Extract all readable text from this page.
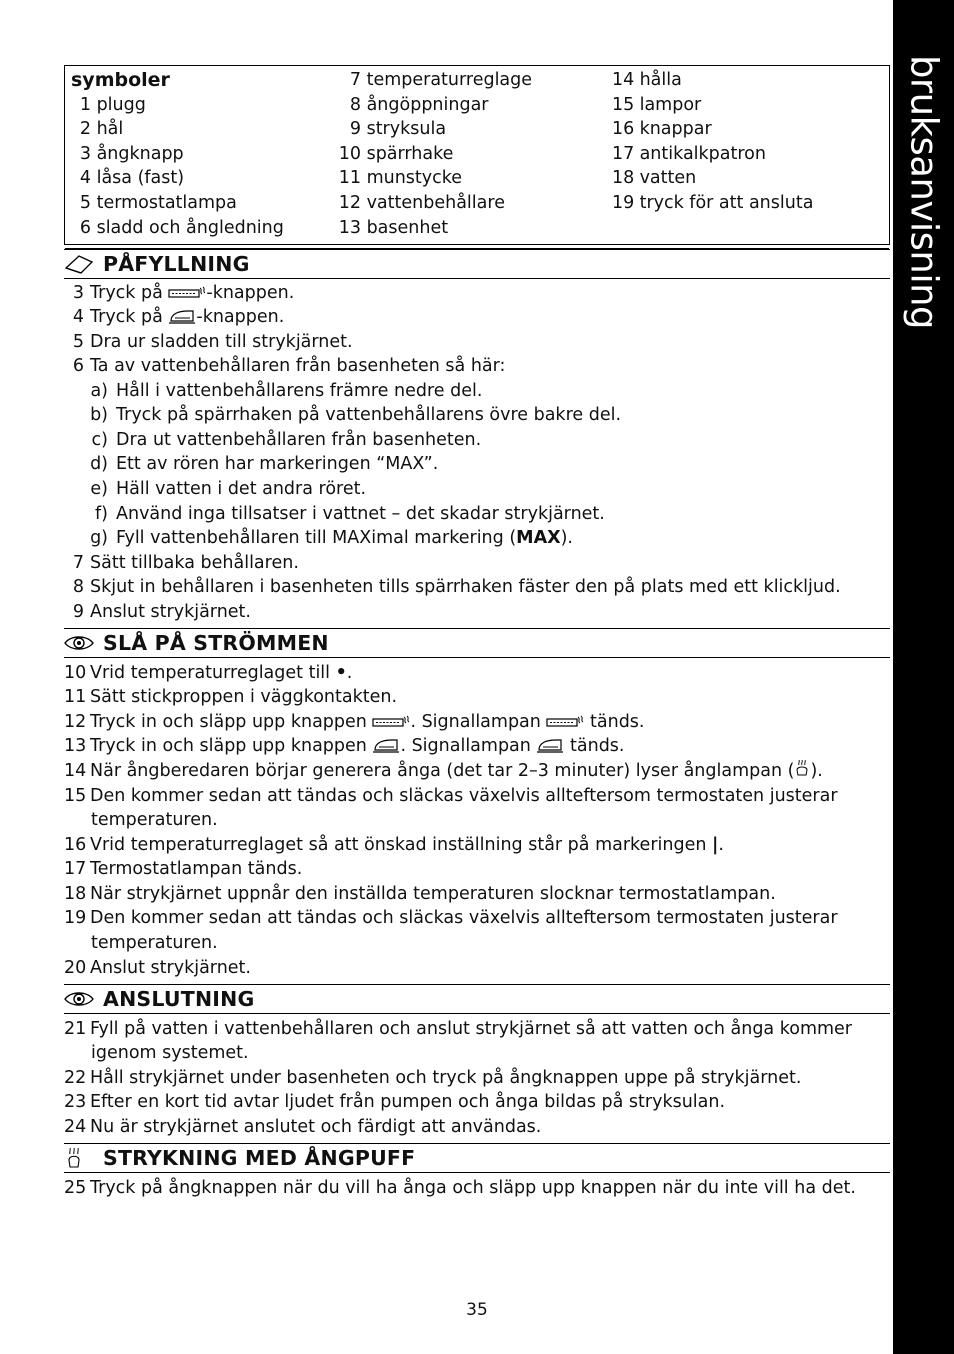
bruksanvisning
symboler
1 plugg
2 hål
3 ångknapp
4 låsa (fast)
5 termostatlampa
6 sladd och ångledning
7 temperaturreglage
8 ångöppningar
9 stryksula
10 spärrhake
11 munstycke
12 vattenbehållare
13 basenhet
14 hålla
15 lampor
16 knappar
17 antikalkpatron
18 vatten
19 tryck för att ansluta
PÅFYLLNING
3 Tryck på -knappen.
4 Tryck på -knappen.
5 Dra ur sladden till strykjärnet.
6 Ta av vattenbehållaren från basenheten så här:
a) Håll i vattenbehållarens främre nedre del.
b) Tryck på spärrhaken på vattenbehållarens övre bakre del.
c) Dra ut vattenbehållaren från basenheten.
d) Ett av rören har markeringen “MAX”.
e) Häll vatten i det andra röret.
f) Använd inga tillsatser i vattnet – det skadar strykjärnet.
g) Fyll vattenbehållaren till MAXimal markering (MAX).
7 Sätt tillbaka behållaren.
8 Skjut in behållaren i basenheten tills spärrhaken fäster den på plats med ett klickljud.
9 Anslut strykjärnet.
SLÅ PÅ STRÖMMEN
10 Vrid temperaturreglaget till •.
11 Sätt stickproppen i väggkontakten.
12 Tryck in och släpp upp knappen . Signallampan  tänds.
13 Tryck in och släpp upp knappen . Signallampan  tänds.
14 När ångberedaren börjar generera ånga (det tar 2–3 minuter) lyser ånglampan ( ).
15 Den kommer sedan att tändas och släckas växelvis allteftersom termostaten justerar
temperaturen.
16 Vrid temperaturreglaget så att önskad inställning står på markeringen |.
17 Termostatlampan tänds.
18 När strykjärnet uppnår den inställda temperaturen slocknar termostatlampan.
19 Den kommer sedan att tändas och släckas växelvis allteftersom termostaten justerar
temperaturen.
20 Anslut strykjärnet.
ANSLUTNING
21 Fyll på vatten i vattenbehållaren och anslut strykjärnet så att vatten och ånga kommer
igenom systemet.
22 Håll strykjärnet under basenheten och tryck på ångknappen uppe på strykjärnet.
23 Efter en kort tid avtar ljudet från pumpen och ånga bildas på stryksulan.
24 Nu är strykjärnet anslutet och färdigt att användas.
STRYKNING MED ÅNGPUFF
25 Tryck på ångknappen när du vill ha ånga och släpp upp knappen när du inte vill ha det.
35
